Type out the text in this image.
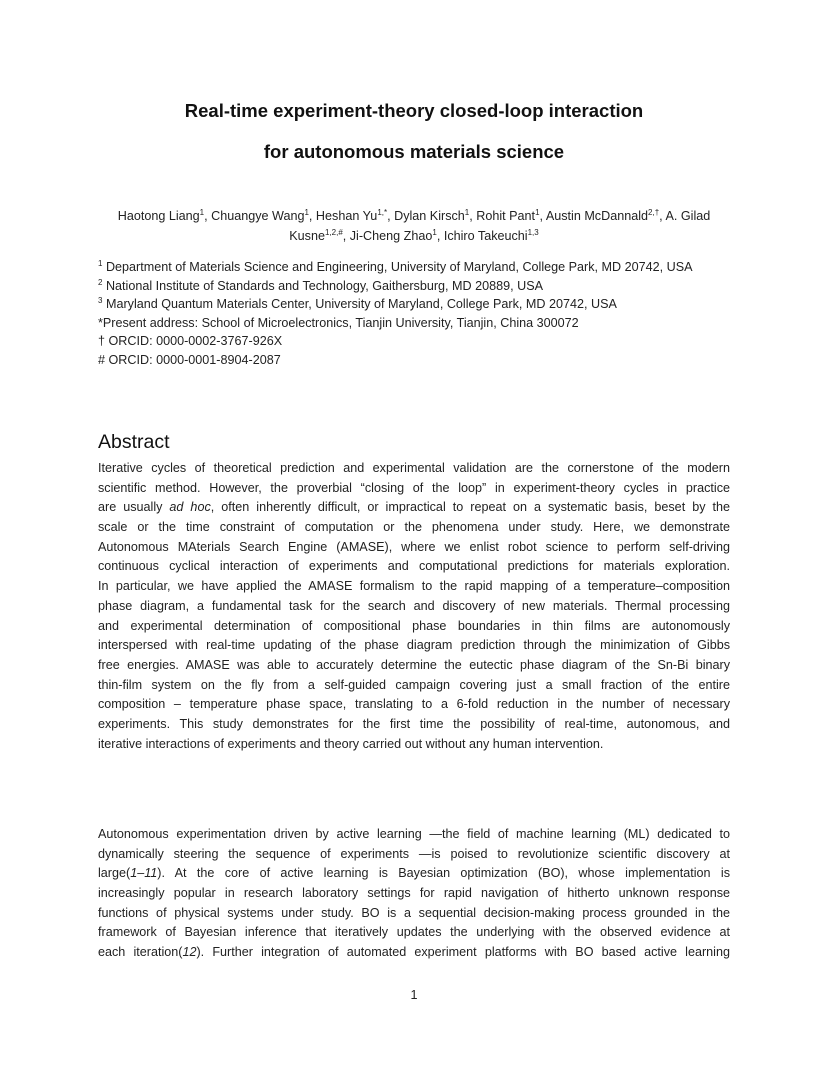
Real-time experiment-theory closed-loop interaction
for autonomous materials science
Haotong Liang$^1$, Chuangye Wang$^1$, Heshan $Yu^{1,*}$, Dylan Kirsch$^1$, Rohit Pant$^1$, Austin McDannald$^{2,\dagger}$, A. Gilad
Kusne$^{1,2,\#}$, Ji-Cheng Zhao$^1$, Ichiro Takeuchi$^{1,3}$
$^1$ Department of Materials Science and Engineering, University of Maryland, College Park, MD 20742, USA
$^2$ National Institute of Standards and Technology, Gaithersburg, MD 20889, USA
$^3$ Maryland Quantum Materials Center, University of Maryland, College Park, MD 20742, USA
*Present address: School of Microelectronics, Tianjin University, Tianjin, China 300072
† ORCID: 0000-0002-3767-926X
# ORCID: 0000-0001-8904-2087
Abstract
Iterative cycles of theoretical prediction and experimental validation are the cornerstone of the modern
scientific method. However, the proverbial “closing of the loop” in experiment-theory cycles in practice
are usually ad hoc, often inherently difficult, or impractical to repeat on a systematic basis, beset by the
scale or the time constraint of computation or the phenomena under study. Here, we demonstrate
Autonomous MAterials Search Engine (AMASE), where we enlist robot science to perform self-driving
continuous cyclical interaction of experiments and computational predictions for materials exploration.
In particular, we have applied the AMASE formalism to the rapid mapping of a temperature–composition
phase diagram, a fundamental task for the search and discovery of new materials. Thermal processing
and experimental determination of compositional phase boundaries in thin films are autonomously
interspersed with real-time updating of the phase diagram prediction through the minimization of Gibbs
free energies. AMASE was able to accurately determine the eutectic phase diagram of the Sn-Bi binary
thin-film system on the fly from a self-guided campaign covering just a small fraction of the entire
composition – temperature phase space, translating to a 6-fold reduction in the number of necessary
experiments. This study demonstrates for the first time the possibility of real-time, autonomous, and
iterative interactions of experiments and theory carried out without any human intervention.
Autonomous experimentation driven by active learning —the field of machine learning (ML) dedicated to
dynamically steering the sequence of experiments —is poised to revolutionize scientific discovery at
large(1–11). At the core of active learning is Bayesian optimization (BO), whose implementation is
increasingly popular in research laboratory settings for rapid navigation of hitherto unknown response
functions of physical systems under study. BO is a sequential decision-making process grounded in the
framework of Bayesian inference that iteratively updates the underlying with the observed evidence at
each iteration(12). Further integration of automated experiment platforms with BO based active learning
1
